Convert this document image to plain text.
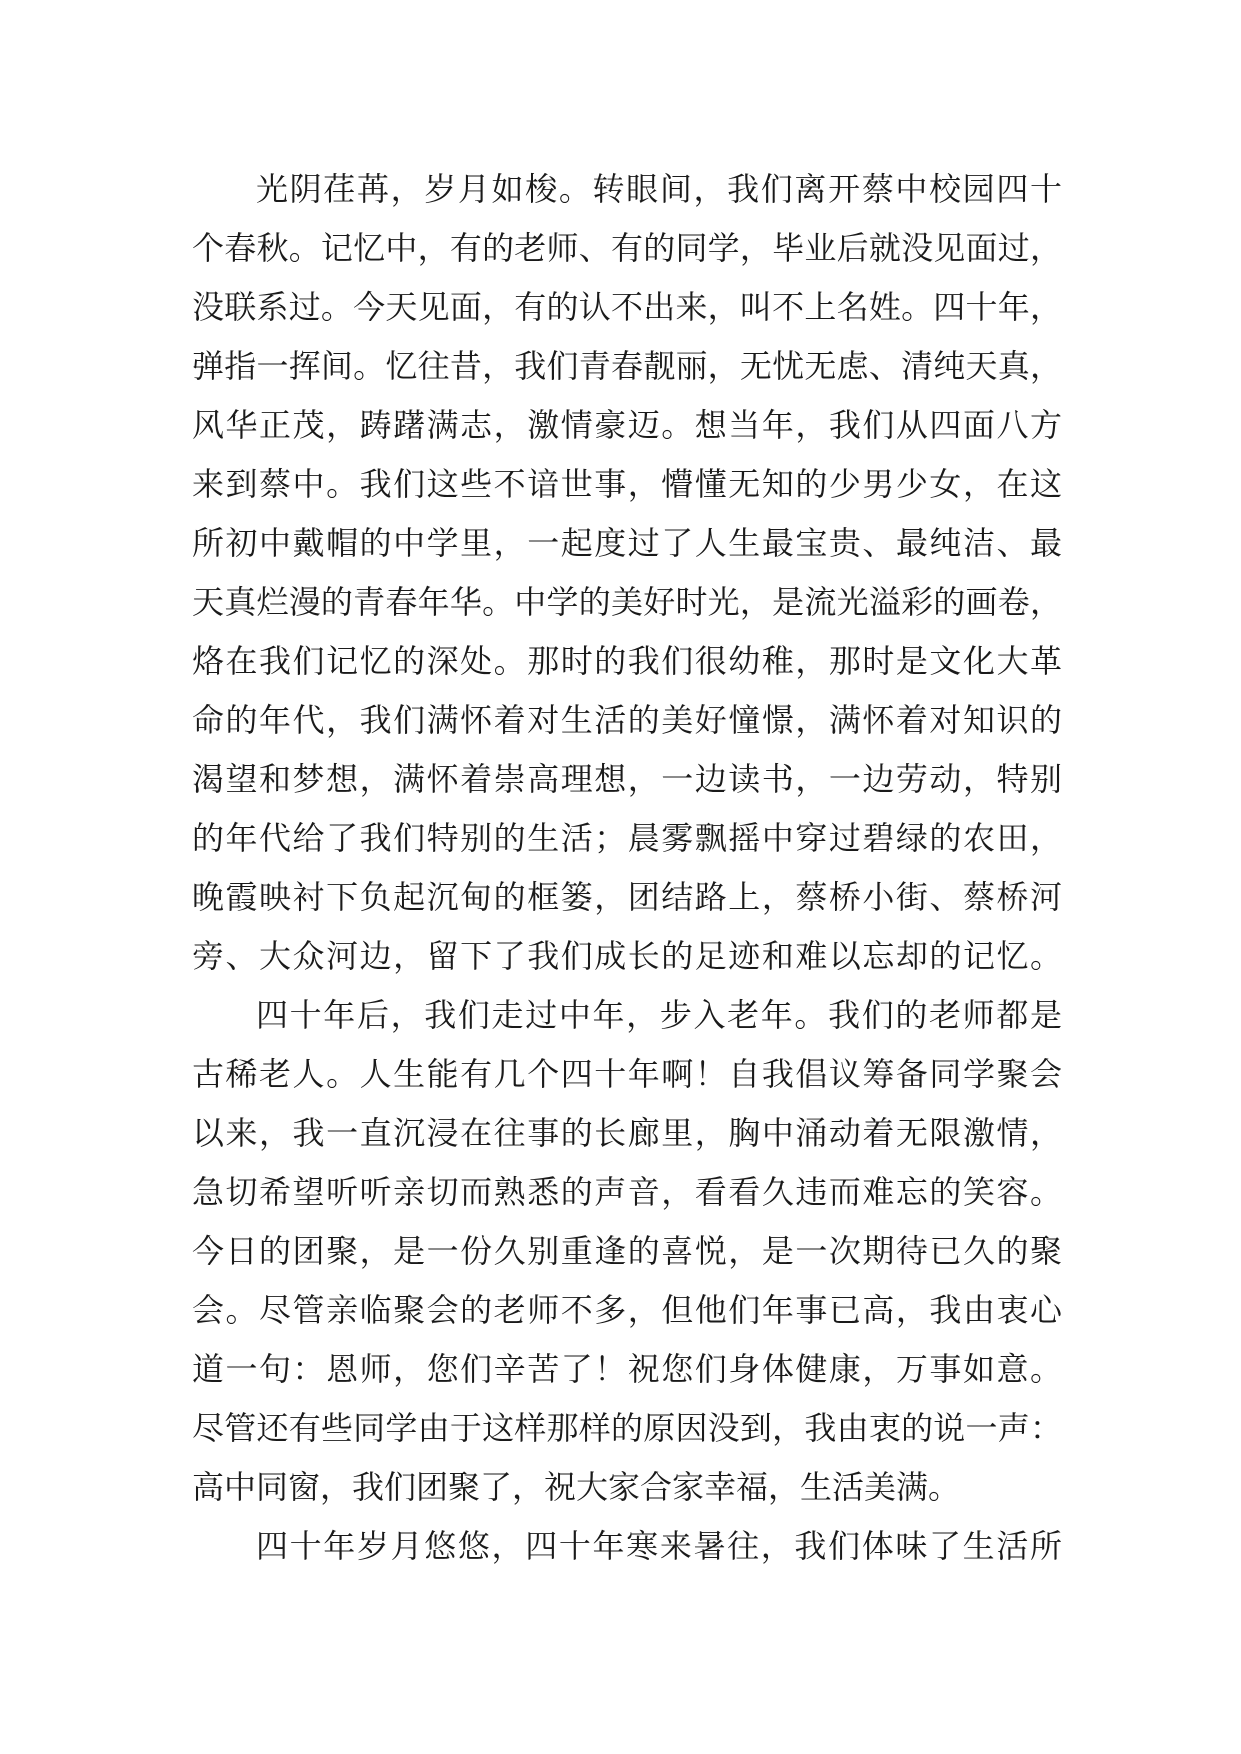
光阴荏苒，岁月如梭。转眼间，我们离开蔡中校园四十
个春秋。记忆中，有的老师、有的同学，毕业后就没见面过，
没联系过。今天见面，有的认不出来，叫不上名姓。四十年，
弹指一挥间。忆往昔，我们青春靓丽，无忧无虑、清纯天真，
风华正茂，踌躇满志，激情豪迈。想当年，我们从四面八方
来到蔡中。我们这些不谙世事，懵懂无知的少男少女，在这
所初中戴帽的中学里，一起度过了人生最宝贵、最纯洁、最
天真烂漫的青春年华。中学的美好时光，是流光溢彩的画卷，
烙在我们记忆的深处。那时的我们很幼稚，那时是文化大革
命的年代，我们满怀着对生活的美好憧憬，满怀着对知识的
渴望和梦想，满怀着崇高理想，一边读书，一边劳动，特别
的年代给了我们特别的生活；晨雾飘摇中穿过碧绿的农田，
晚霞映衬下负起沉甸的框篓，团结路上，蔡桥小街、蔡桥河
旁、大众河边，留下了我们成长的足迹和难以忘却的记忆。
四十年后，我们走过中年，步入老年。我们的老师都是
古稀老人。人生能有几个四十年啊！自我倡议筹备同学聚会
以来，我一直沉浸在往事的长廊里，胸中涌动着无限激情，
急切希望听听亲切而熟悉的声音，看看久违而难忘的笑容。
今日的团聚，是一份久别重逢的喜悦，是一次期待已久的聚
会。尽管亲临聚会的老师不多，但他们年事已高，我由衷心
道一句：恩师，您们辛苦了！祝您们身体健康，万事如意。
尽管还有些同学由于这样那样的原因没到，我由衷的说一声：
高中同窗，我们团聚了，祝大家合家幸福，生活美满。
四十年岁月悠悠，四十年寒来暑往，我们体味了生活所
